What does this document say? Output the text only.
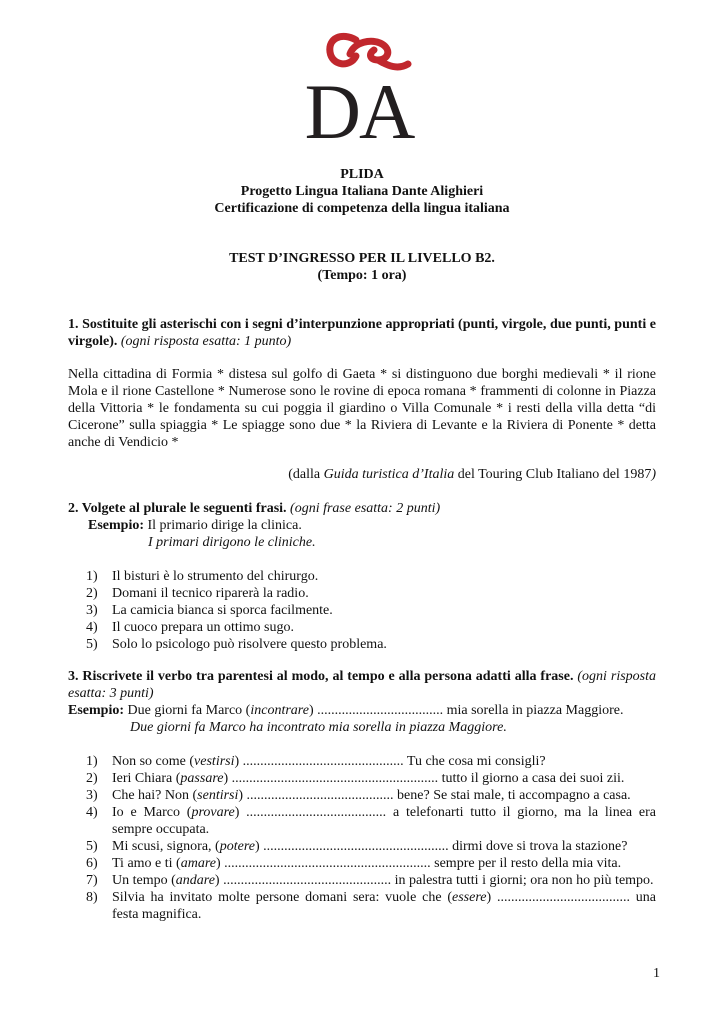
DA
PLIDA
Progetto Lingua Italiana Dante Alighieri
Certificazione di competenza della lingua italiana
TEST D’INGRESSO PER IL LIVELLO B2.
(Tempo: 1 ora)
1. Sostituite gli asterischi con i segni d’interpunzione appropriati (punti, virgole, due punti, punti e virgole). (ogni risposta esatta: 1 punto)
Nella cittadina di Formia * distesa sul golfo di Gaeta * si distinguono due borghi medievali * il rione Mola e il rione Castellone * Numerose sono le rovine di epoca romana * frammenti di colonne in Piazza della Vittoria * le fondamenta su cui poggia il giardino o Villa Comunale * i resti della villa detta “di Cicerone” sulla spiaggia * Le spiagge sono due * la Riviera di Levante e la Riviera di Ponente * detta anche di Vendicio *
(dalla Guida turistica d’Italia del Touring Club Italiano del 1987)
2. Volgete al plurale le seguenti frasi. (ogni frase esatta: 2 punti)
Esempio: Il primario dirige la clinica.
I primari dirigono le cliniche.
1) Il bisturi è lo strumento del chirurgo.
2) Domani il tecnico riparerà la radio.
3) La camicia bianca si sporca facilmente.
4) Il cuoco prepara un ottimo sugo.
5) Solo lo psicologo può risolvere questo problema.
3. Riscrivete il verbo tra parentesi al modo, al tempo e alla persona adatti alla frase. (ogni risposta esatta: 3 punti)
Esempio: Due giorni fa Marco (incontrare) .................................... mia sorella in piazza Maggiore.
Due giorni fa Marco ha incontrato mia sorella in piazza Maggiore.
1) Non so come (vestirsi) .............................................. Tu che cosa mi consigli?
2) Ieri Chiara (passare) ........................................................... tutto il giorno a casa dei suoi zii.
3) Che hai? Non (sentirsi) .......................................... bene? Se stai male, ti accompagno a casa.
4) Io e Marco (provare) ........................................ a telefonarti tutto il giorno, ma la linea era sempre occupata.
5) Mi scusi, signora, (potere) ..................................................... dirmi dove si trova la stazione?
6) Ti amo e ti (amare) ........................................................... sempre per il resto della mia vita.
7) Un tempo (andare) ................................................ in palestra tutti i giorni; ora non ho più tempo.
8) Silvia ha invitato molte persone domani sera: vuole che (essere) ...................................... una festa magnifica.
1
